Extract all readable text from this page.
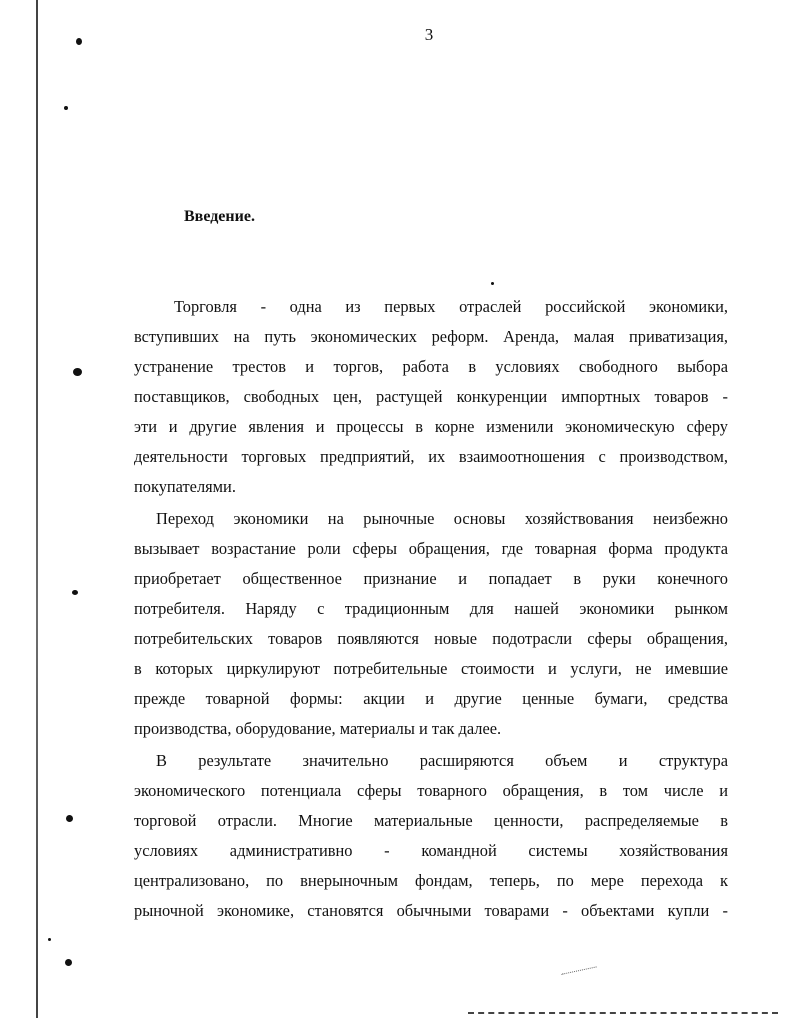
3
Введение.
Торговля - одна из первых отраслей российской экономики,
вступивших на путь экономических реформ. Аренда, малая приватизация,
устранение трестов и торгов, работа в условиях свободного выбора
поставщиков, свободных цен, растущей конкуренции импортных товаров -
эти и другие явления и процессы в корне изменили экономическую сферу
деятельности торговых предприятий, их взаимоотношения с производством,
покупателями.
Переход экономики на рыночные основы хозяйствования неизбежно
вызывает возрастание роли сферы обращения, где товарная форма продукта
приобретает общественное признание и попадает в руки конечного
потребителя. Наряду с традиционным для нашей экономики рынком
потребительских товаров появляются новые подотрасли сферы обращения,
в которых циркулируют потребительные стоимости и услуги, не имевшие
прежде товарной формы: акции и другие ценные бумаги, средства
производства, оборудование, материалы и так далее.
В результате значительно расширяются объем и структура
экономического потенциала сферы товарного обращения, в том числе и
торговой отрасли. Многие материальные ценности, распределяемые в
условиях административно - командной системы хозяйствования
централизовано, по внерыночным фондам, теперь, по мере перехода к
рыночной экономике, становятся обычными товарами - объектами купли -
